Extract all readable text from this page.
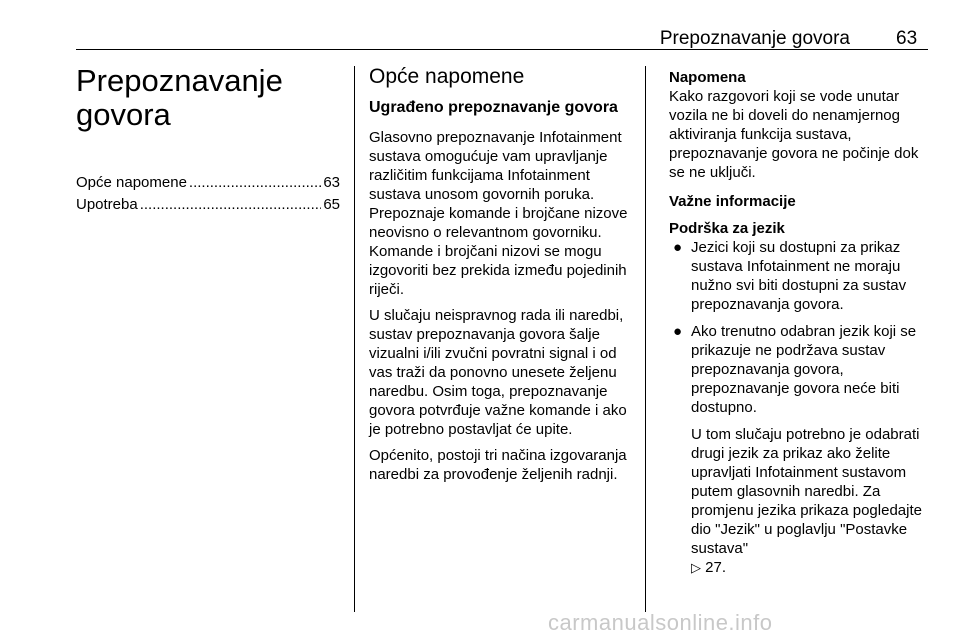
Prepoznavanje govora 63
Prepoznavanje govora
Opće napomene .....	63
Upotreba .....	65
Opće napomene
Ugrađeno prepoznavanje govora

Glasovno prepoznavanje Infotainment sustava omogućuje vam upravljanje različitim funkcijama Infotainment sustava unosom govornih poruka. Prepoznaje komande i brojčane nizove neovisno o relevantnom govorniku. Komande i brojčani nizovi se mogu izgovoriti bez prekida između pojedinih riječi.

U slučaju neispravnog rada ili naredbi, sustav prepoznavanja govora šalje vizualni i/ili zvučni povratni signal i od vas traži da ponovno unesete željenu naredbu. Osim toga, prepoznavanje govora potvrđuje važne komande i ako je potrebno postavljat će upite.

Općenito, postoji tri načina izgovaranja naredbi za provođenje željenih radnji.

Napomena
Kako razgovori koji se vode unutar vozila ne bi doveli do nenamjernog aktiviranja funkcija sustava, prepoznavanje govora ne počinje dok se ne uključi.
Važne informacije
Podrška za jezik
● Jezici koji su dostupni za prikaz sustava Infotainment ne moraju nužno svi biti dostupni za sustav prepoznavanja govora.
● Ako trenutno odabran jezik koji se prikazuje ne podržava sustav prepoznavanja govora, prepoznavanje govora neće biti dostupno.
U tom slučaju potrebno je odabrati drugi jezik za prikaz ako želite upravljati Infotainment sustavom putem glasovnih naredbi. Za promjenu jezika prikaza pogledajte dio "Jezik" u poglavlju "Postavke sustava"
▷ 27.
carmanualsonline.info
